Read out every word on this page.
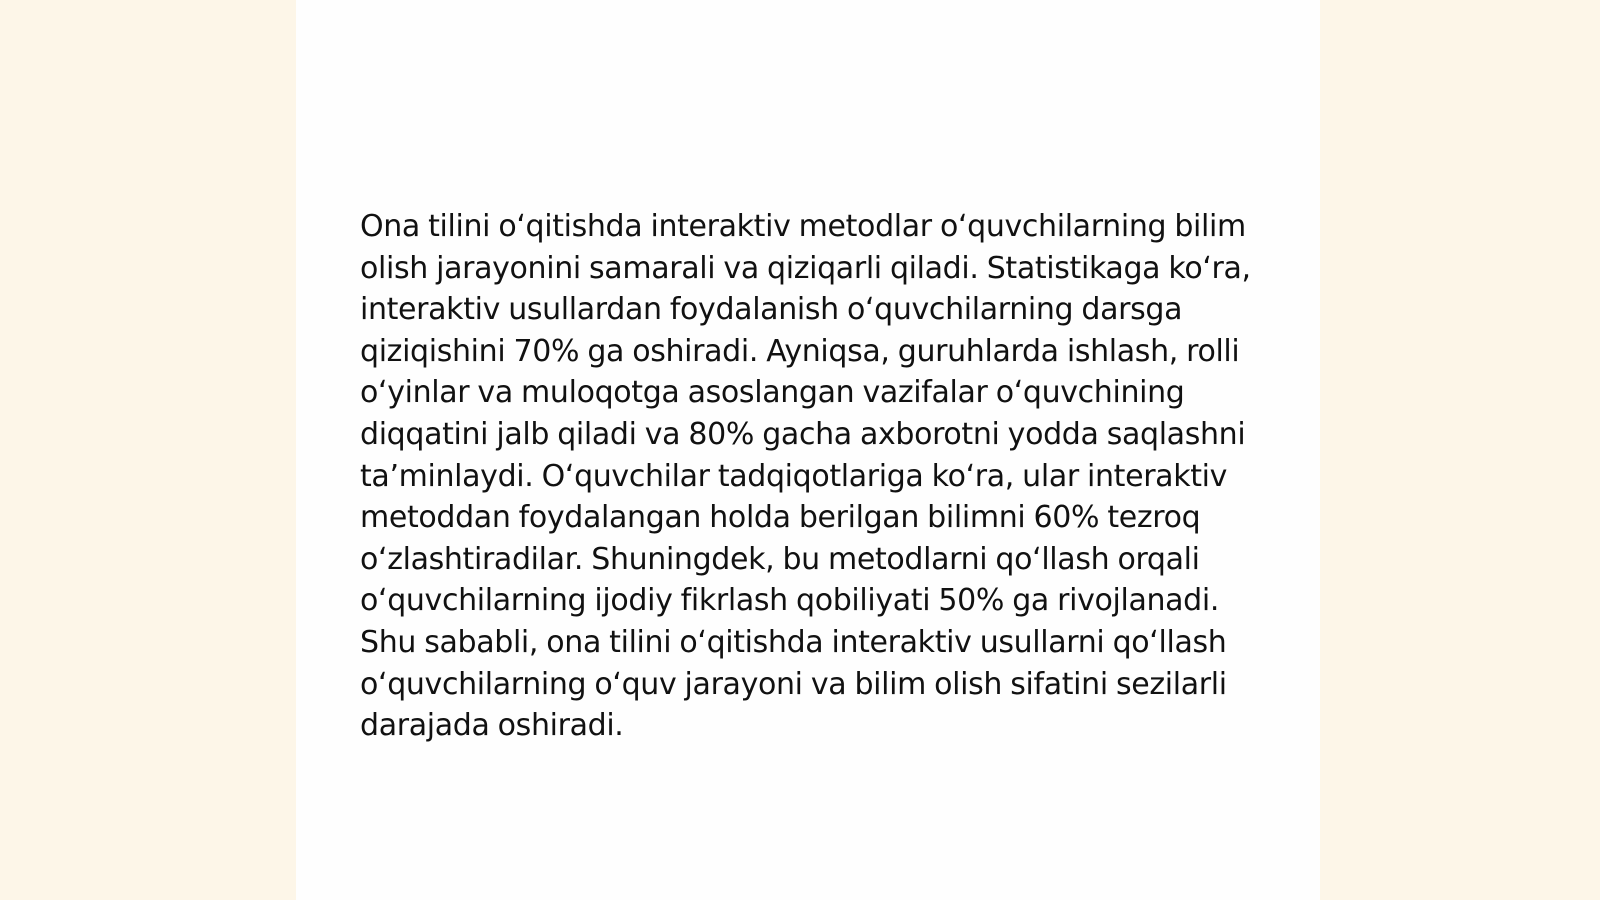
Ona tilini o‘qitishda interaktiv metodlar o‘quvchilarning bilim olish jarayonini samarali va qiziqarli qiladi. Statistikaga ko‘ra, interaktiv usullardan foydalanish o‘quvchilarning darsga qiziqishini 70% ga oshiradi. Ayniqsa, guruhlarda ishlash, rolli o‘yinlar va muloqotga asoslangan vazifalar o‘quvchining diqqatini jalb qiladi va 80% gacha axborotni yodda saqlashni ta’minlaydi. O‘quvchilar tadqiqotlariga ko‘ra, ular interaktiv metoddan foydalangan holda berilgan bilimni 60% tezroq o‘zlashtiradilar. Shuningdek, bu metodlarni qo‘llash orqali o‘quvchilarning ijodiy fikrlash qobiliyati 50% ga rivojlanadi. Shu sababli, ona tilini o‘qitishda interaktiv usullarni qo‘llash o‘quvchilarning o‘quv jarayoni va bilim olish sifatini sezilarli darajada oshiradi.
